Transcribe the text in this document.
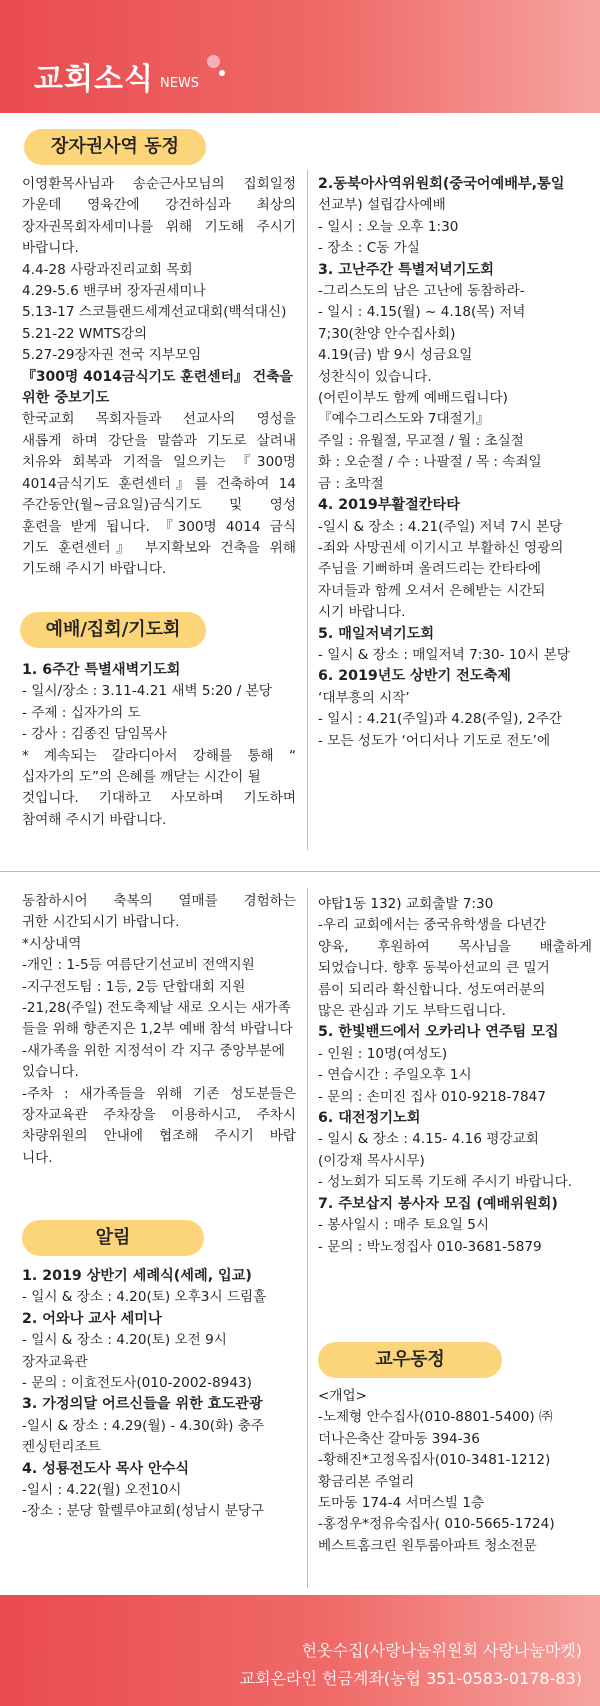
교회소식 NEWS
장자권사역 동정
이영환목사님과 송순근사모님의 집회일정
가운데 영육간에 강건하심과 최상의
장자권목회자세미나를 위해 기도해 주시기
바랍니다.
4.4-28 사랑과진리교회 목회
4.29-5.6 밴쿠버 장자권세미나
5.13-17 스코틀랜드세계선교대회(백석대신)
5.21-22 WMTS강의
5.27-29장자권 전국 지부모임
『300명 4014금식기도 훈련센터』 건축을
위한 중보기도
한국교회 목회자들과 선교사의 영성을
새롭게 하며 강단을 말씀과 기도로 살려내
치유와 회복과 기적을 일으키는 『300명
4014금식기도 훈련센터』를 건축하여 14
주간동안(월~금요일)금식기도 및 영성
훈련을 받게 됩니다. 『300명 4014 금식
기도 훈련센터』 부지확보와 건축을 위해
기도해 주시기 바랍니다.
예배/집회/기도회
1. 6주간 특별새벽기도회
- 일시/장소 : 3.11-4.21 새벽 5:20 / 본당
- 주제 : 십자가의 도
- 강사 : 김종진 담임목사
* 계속되는 갈라디아서 강해를 통해 “
십자가의 도”의 은혜를 깨닫는 시간이 될
것입니다. 기대하고 사모하며 기도하며
참여해 주시기 바랍니다.
2.동북아사역위원회(중국어예배부,통일
선교부) 설립감사예배
- 일시 : 오늘 오후 1:30
- 장소 : C동 가실
3. 고난주간 특별저녁기도회
-그리스도의 남은 고난에 동참하라-
- 일시 : 4.15(월) ~ 4.18(목) 저녁
7;30(찬양 안수집사회)
4.19(금) 밤 9시 성금요일
성찬식이 있습니다.
(어린이부도 함께 예배드립니다)
『예수그리스도와 7대절기』
주일 : 유월절, 무교절 / 월 : 초실절
화 : 오순절 / 수 : 나팔절 / 목 : 속죄일
금 : 초막절
4. 2019부활절칸타타
-일시 & 장소 : 4.21(주일) 저녁 7시 본당
-죄와 사망권세 이기시고 부활하신 영광의
주님을 기뻐하며 올려드리는 칸타타에
자녀들과 함께 오셔서 은혜받는 시간되
시기 바랍니다.
5. 매일저녁기도회
- 일시 & 장소 : 매일저녁 7:30- 10시 본당
6. 2019년도 상반기 전도축제
‘대부흥의 시작’
- 일시 : 4.21(주일)과 4.28(주일), 2주간
- 모든 성도가 ‘어디서나 기도로 전도’에
동참하시어 축복의 열매를 경험하는
귀한 시간되시기 바랍니다.
*시상내역
-개인 : 1-5등 여름단기선교비 전액지원
-지구전도팀 : 1등, 2등 단합대회 지원
-21,28(주일) 전도축제날 새로 오시는 새가족
들을 위해 향존지은 1,2부 예배 참석 바랍니다
-새가족을 위한 지정석이 각 지구 중앙부분에
있습니다.
-주차 : 새가족들을 위해 기존 성도분들은
장자교육관 주차장을 이용하시고, 주차시
차량위원의 안내에 협조해 주시기 바랍
니다.
알림
1. 2019 상반기 세례식(세례, 입교)
- 일시 & 장소 : 4.20(토) 오후3시 드림홀
2. 어와나 교사 세미나
- 일시 & 장소 : 4.20(토) 오전 9시
장자교육관
- 문의 : 이효전도사(010-2002-8943)
3. 가정의달 어르신들을 위한 효도관광
-일시 & 장소 : 4.29(월) - 4.30(화) 충주
켄싱턴리조트
4. 성룡전도사 목사 안수식
-일시 : 4.22(월) 오전10시
-장소 : 분당 할렐루야교회(성남시 분당구
야탑1동 132) 교회출발 7:30
-우리 교회에서는 중국유학생을 다년간
양육, 후원하여 목사님을 배출하게
되었습니다. 향후 동북아선교의 큰 밀거
름이 되리라 확신합니다. 성도여러분의
많은 관심과 기도 부탁드립니다.
5. 한빛밴드에서 오카리나 연주팀 모집
- 인원 : 10명(여성도)
- 연습시간 : 주일오후 1시
- 문의 : 손미진 집사 010-9218-7847
6. 대전정기노회
- 일시 & 장소 : 4.15- 4.16 평강교회
(이강재 목사시무)
- 성노회가 되도록 기도해 주시기 바랍니다.
7. 주보삽지 봉사자 모집 (예배위원회)
- 봉사일시 : 매주 토요일 5시
- 문의 : 박노정집사 010-3681-5879
교우동정
<개업>
-노제형 안수집사(010-8801-5400) ㈜
더나은축산 갈마동 394-36
-황해진*고정옥집사(010-3481-1212)
황금리본 주얼리
도마동 174-4 서머스빌 1층
-홍정우*정유숙집사( 010-5665-1724)
베스트홈크린 원투룸아파트 청소전문
헌옷수집(사랑나눔위원회 사랑나눔마켓)
교회온라인 헌금계좌(농협 351-0583-0178-83)
